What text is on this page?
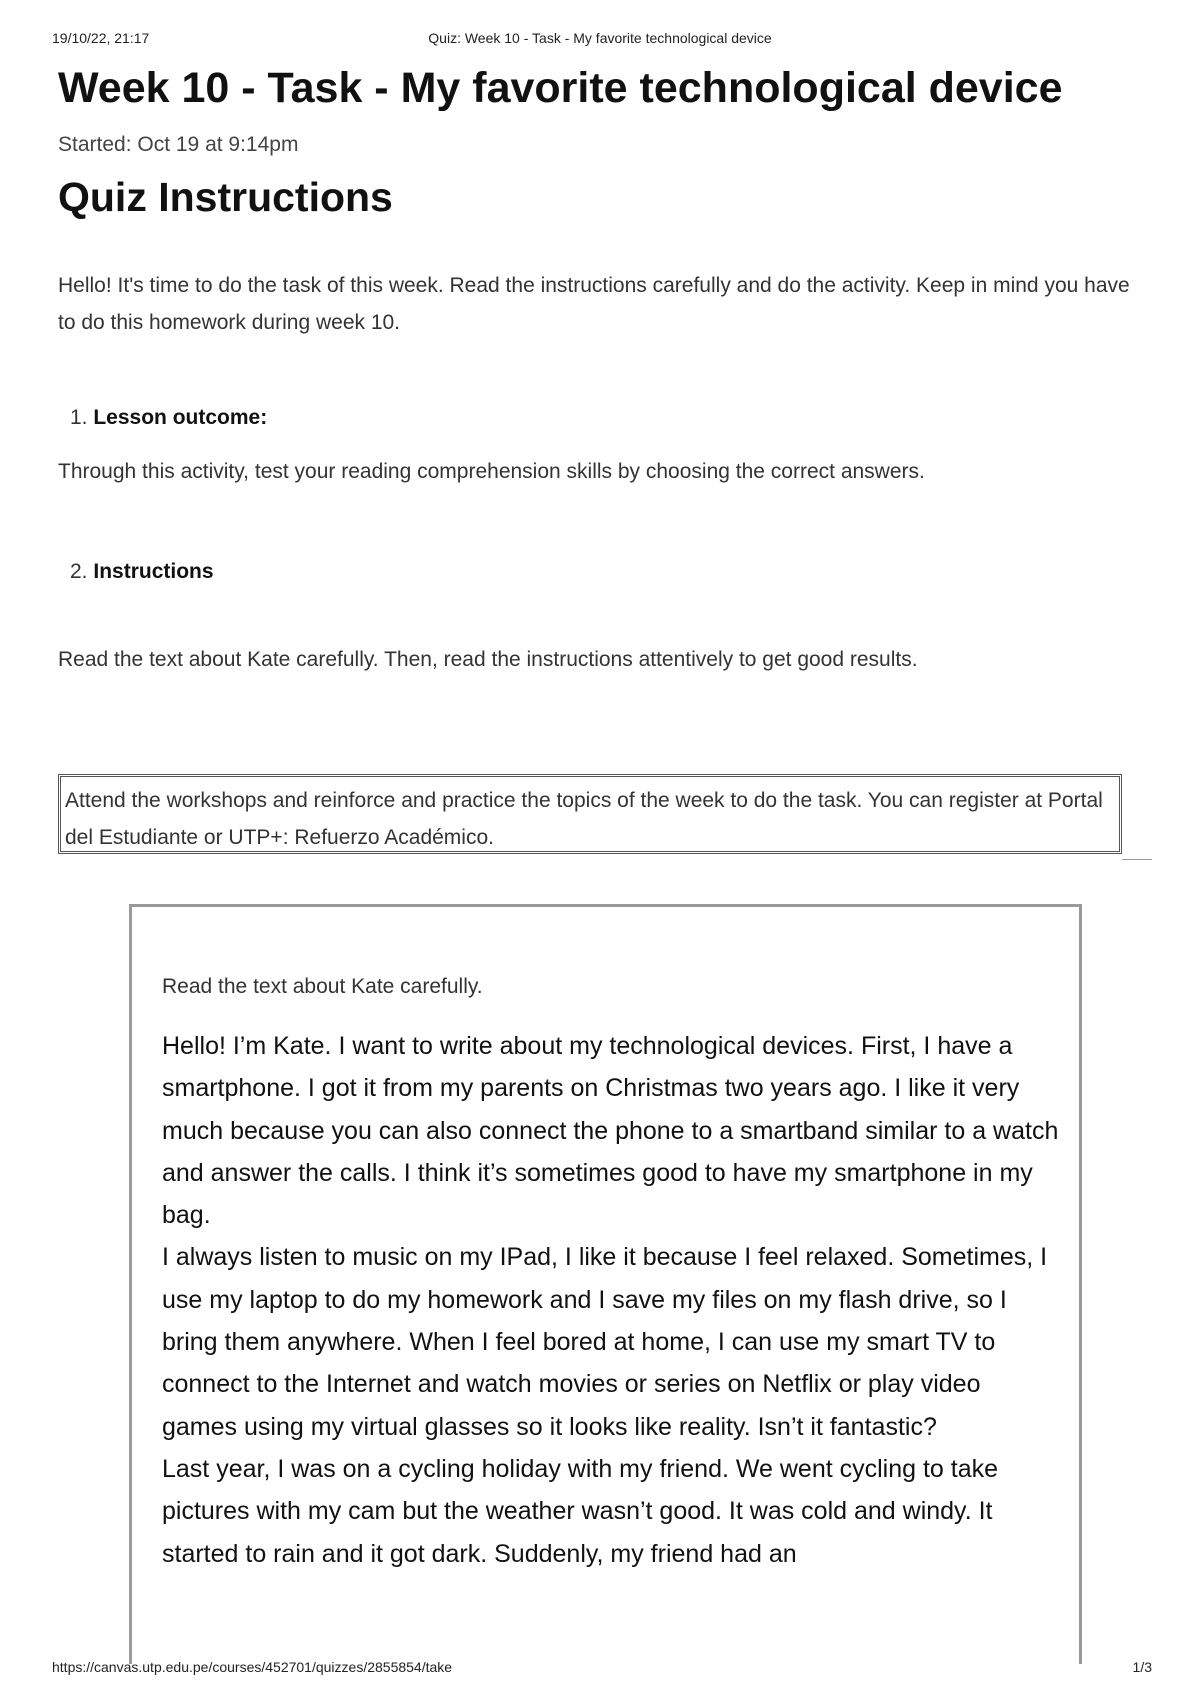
19/10/22, 21:17	Quiz: Week 10 - Task - My favorite technological device
Week 10 - Task - My favorite technological device
Started: Oct 19 at 9:14pm
Quiz Instructions
Hello! It's time to do the task of this week. Read the instructions carefully and do the activity. Keep in mind you have to do this homework during week 10.
1. Lesson outcome:
Through this activity, test your reading comprehension skills by choosing the correct answers.
2. Instructions
Read the text about Kate carefully. Then, read the instructions attentively to get good results.
Attend the workshops and reinforce and practice the topics of the week to do the task. You can register at Portal del Estudiante or UTP+: Refuerzo Académico.
Read the text about Kate carefully.

Hello! I’m Kate. I want to write about my technological devices. First, I have a smartphone. I got it from my parents on Christmas two years ago. I like it very much because you can also connect the phone to a smartband similar to a watch and answer the calls. I think it’s sometimes good to have my smartphone in my bag.

I always listen to music on my IPad, I like it because I feel relaxed. Sometimes, I use my laptop to do my homework and I save my files on my flash drive, so I bring them anywhere. When I feel bored at home, I can use my smart TV to connect to the Internet and watch movies or series on Netflix or play video games using my virtual glasses so it looks like reality. Isn’t it fantastic?

Last year, I was on a cycling holiday with my friend. We went cycling to take pictures with my cam but the weather wasn’t good. It was cold and windy. It started to rain and it got dark. Suddenly, my friend had an

https://canvas.utp.edu.pe/courses/452701/quizzes/2855854/take	1/3
